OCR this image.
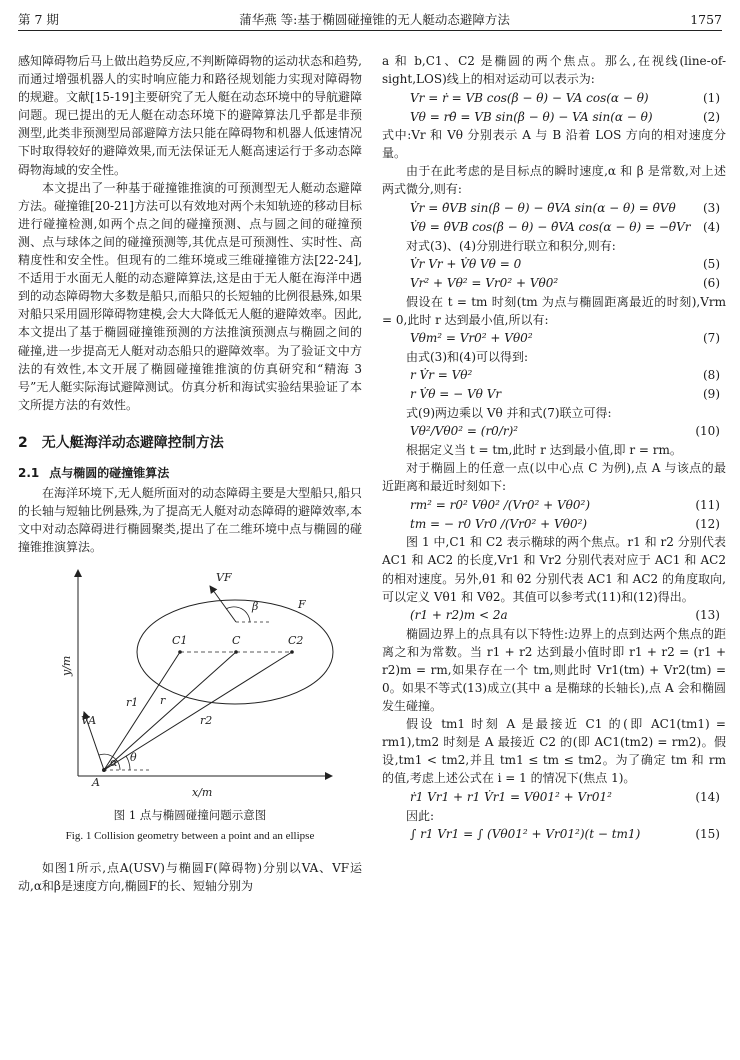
第 7 期	蒲华燕 等:基于椭圆碰撞锥的无人艇动态避障方法	1757

感知障碍物后马上做出趋势反应,不判断障碍物的运动状态和趋势,而通过增强机器人的实时响应能力和路径规划能力实现对障碍物的规避。文献[15-19]主要研究了无人艇在动态环境中的导航避障问题。现已提出的无人艇在动态环境下的避障算法几乎都是非预测型,此类非预测型局部避障方法只能在障碍物和机器人低速情况下时取得较好的避障效果,而无法保证无人艇高速运行于多动态障碍物海域的安全性。

本文提出了一种基于碰撞锥推演的可预测型无人艇动态避障方法。碰撞锥[20-21]方法可以有效地对两个未知轨迹的移动目标进行碰撞检测,如两个点之间的碰撞预测、点与圆之间的碰撞预测、点与球体之间的碰撞预测等,其优点是可预测性、实时性、高精度性和安全性。但现有的二维环境或三维碰撞锥方法[22-24],不适用于水面无人艇的动态避障算法,这是由于无人艇在海洋中遇到的动态障碍物大多数是船只,而船只的长短轴的比例很悬殊,如果对船只采用圆形障碍物建模,会大大降低无人艇的避障效率。因此,本文提出了基于椭圆碰撞锥预测的方法推演预测点与椭圆之间的碰撞,进一步提高无人艇对动态船只的避障效率。为了验证文中方法的有效性,本文开展了椭圆碰撞锥推演的仿真研究和“精海 3 号”无人艇实际海试避障测试。仿真分析和海试实验结果验证了本文所提方法的有效性。

2 无人艇海洋动态避障控制方法
2.1 点与椭圆的碰撞锥算法

在海洋环境下,无人艇所面对的动态障碍主要是大型船只,船只的长轴与短轴比例悬殊,为了提高无人艇对动态障碍的避障效率,本文中对动态障碍进行椭圆聚类,提出了在二维环境中点与椭圆的碰撞锥推演算法。

VF
β	F
C1	C	C2
r1 r
r2
VA
α θ
A
x/m
y/m
图 1 点与椭圆碰撞问题示意图
Fig. 1 Collision geometry between a point and an ellipse

如图1所示,点A(USV)与椭圆F(障碍物)分别以VA、VF运动,α和β是速度方向,椭圆F的长、短轴分别为

a 和 b,C1、C2 是椭圆的两个焦点。那么,在视线(line-of-sight,LOS)线上的相对运动可以表示为:

Vr = ṙ = VB cos(β − θ) − VA cos(α − θ)	(1)
Vθ = rθ̇ = VB sin(β − θ) − VA sin(α − θ)	(2)

式中:Vr 和 Vθ 分别表示 A 与 B 沿着 LOS 方向的相对速度分量。

由于在此考虑的是目标点的瞬时速度,α 和 β 是常数,对上述两式微分,则有:

V̇r = θ̇VB sin(β − θ) − θ̇VA sin(α − θ) = θ̇Vθ (3)
V̇θ = θ̇VB cos(β − θ) − θ̇VA cos(α − θ) = −θ̇Vr (4)

对式(3)、(4)分别进行联立和积分,则有:

V̇r Vr + V̇θ Vθ = 0	(5)
Vr² + Vθ² = Vr0² + Vθ0²	(6)

假设在 t = tm 时刻(tm 为点与椭圆距离最近的时刻),Vrm = 0,此时 r 达到最小值,所以有:

Vθm² = Vr0² + Vθ0²	(7)

由式(3)和(4)可以得到:

r V̇r = Vθ²	(8)
r V̇θ = − Vθ Vr	(9)

式(9)两边乘以 Vθ 并和式(7)联立可得:

Vθ²/Vθ0² = (r0/r)²	(10)

根据定义当 t = tm,此时 r 达到最小值,即 r = rm。

对于椭圆上的任意一点(以中心点 C 为例),点 A 与该点的最近距离和最近时刻如下:

rm² = r0² Vθ0² /(Vr0² + Vθ0²)	(11)
tm = − r0 Vr0 /(Vr0² + Vθ0²)	(12)

图 1 中,C1 和 C2 表示椭球的两个焦点。r1 和 r2 分别代表 AC1 和 AC2 的长度,Vr1 和 Vr2 分别代表对应于 AC1 和 AC2 的相对速度。另外,θ1 和 θ2 分别代表 AC1 和 AC2 的角度取向,可以定义 Vθ1 和 Vθ2。其值可以参考式(11)和(12)得出。

(r1 + r2)m < 2a	(13)

椭圆边界上的点具有以下特性:边界上的点到达两个焦点的距离之和为常数。当 r1 + r2 达到最小值时即 r1 + r2 = (r1 + r2)m = rm,如果存在一个 tm,则此时 Vr1(tm) + Vr2(tm) = 0。如果不等式(13)成立(其中 a 是椭球的长轴长),点 A 会和椭圆发生碰撞。

假设 tm1 时刻 A 是最接近 C1 的(即 AC1(tm1) = rm1),tm2 时刻是 A 最接近 C2 的(即 AC1(tm2) = rm2)。假设,tm1 < tm2,并且 tm1 ≤ tm ≤ tm2。为了确定 tm 和 rm 的值,考虑上述公式在 i = 1 的情况下(焦点 1)。

ṙ1 Vr1 + r1 V̇r1 = Vθ01² + Vr01²	(14)

因此:

∫ r1 Vr1 = ∫ (Vθ01² + Vr01²)(t − tm1)	(15)
